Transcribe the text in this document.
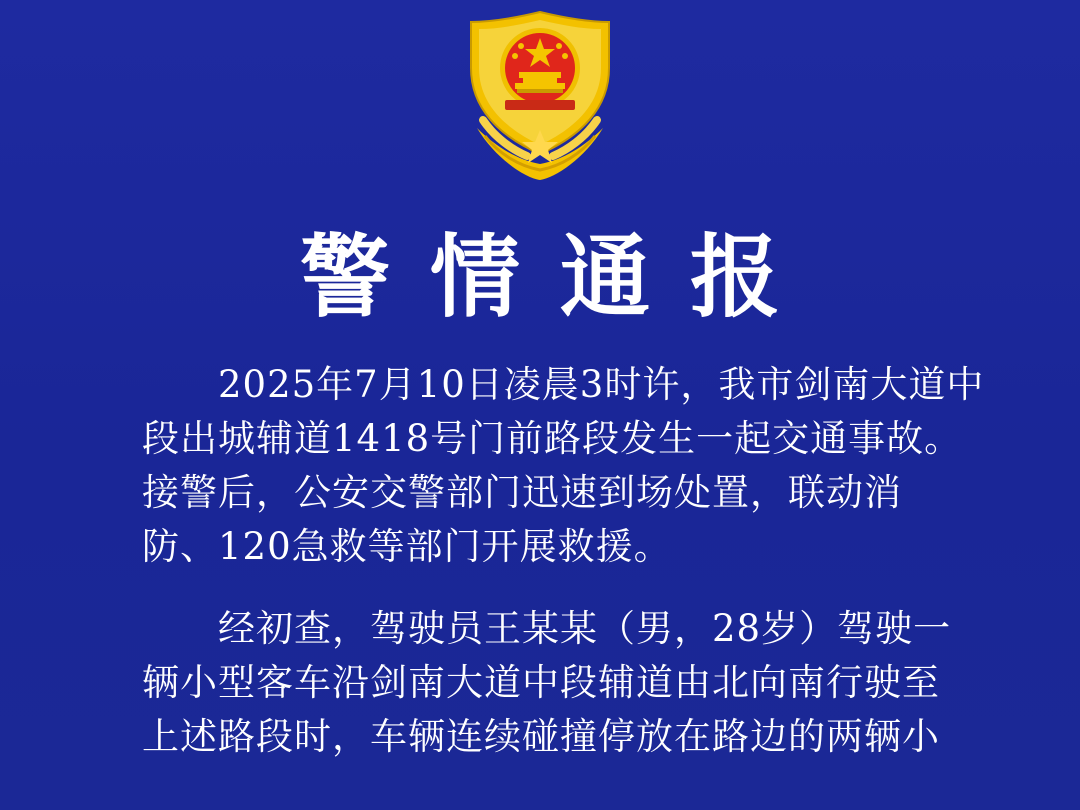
警情通报

2025年7月10日凌晨3时许，我市剑南大道中
段出城辅道1418号门前路段发生一起交通事故。
接警后，公安交警部门迅速到场处置，联动消
防、120急救等部门开展救援。

经初查，驾驶员王某某（男，28岁）驾驶一
辆小型客车沿剑南大道中段辅道由北向南行驶至
上述路段时，车辆连续碰撞停放在路边的两辆小
